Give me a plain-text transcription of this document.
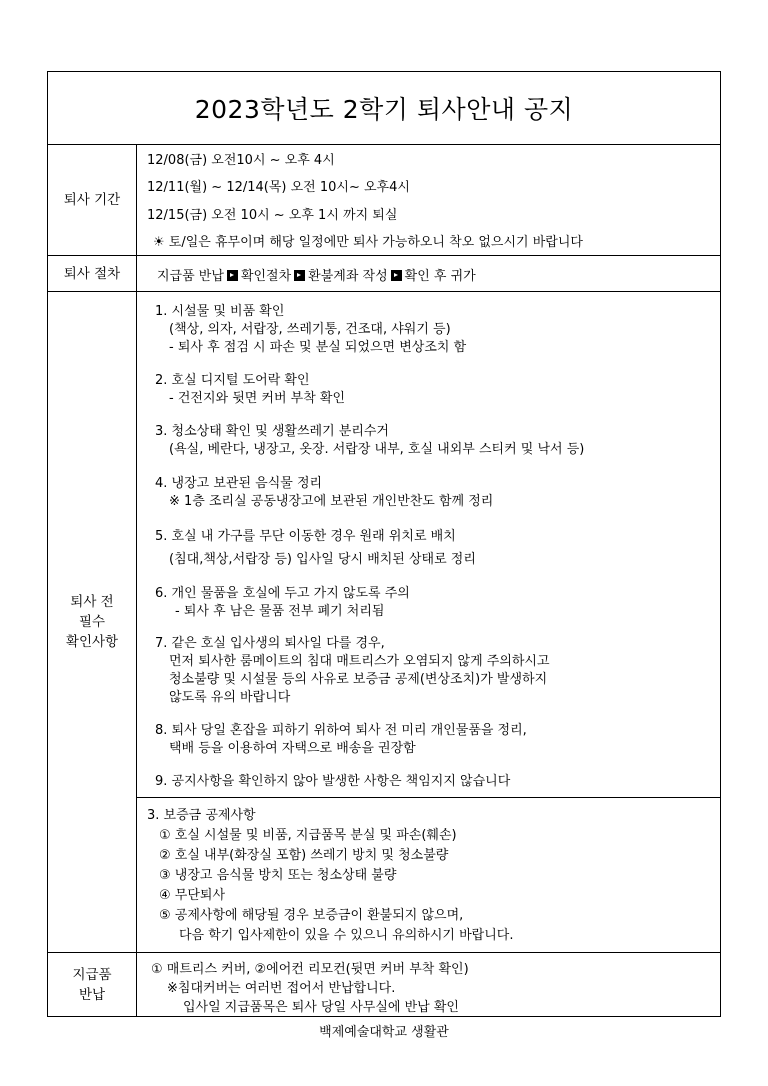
2023학년도 2학기 퇴사안내 공지
퇴사 기간
12/08(금) 오전10시 ~ 오후 4시
12/11(월) ~ 12/14(목) 오전 10시~ 오후4시
12/15(금) 오전 10시 ~ 오후 1시 까지 퇴실
☀ 토/일은 휴무이며 해당 일정에만 퇴사 가능하오니 착오 없으시기 바랍니다
퇴사 절차	지급품 반납 확인절차 환불계좌 작성 확인 후 귀가
퇴사 전
필수
확인사항
1. 시설물 및 비품 확인
(책상, 의자, 서랍장, 쓰레기통, 건조대, 샤워기 등)
- 퇴사 후 점검 시 파손 및 분실 되었으면 변상조치 함
2. 호실 디지털 도어락 확인
- 건전지와 뒷면 커버 부착 확인
3. 청소상태 확인 및 생활쓰레기 분리수거
(욕실, 베란다, 냉장고, 옷장. 서랍장 내부, 호실 내외부 스티커 및 낙서 등)
4. 냉장고 보관된 음식물 정리
※ 1층 조리실 공동냉장고에 보관된 개인반찬도 함께 정리
5. 호실 내 가구를 무단 이동한 경우 원래 위치로 배치
(침대,책상,서랍장 등) 입사일 당시 배치된 상태로 정리
6. 개인 물품을 호실에 두고 가지 않도록 주의
- 퇴사 후 남은 물품 전부 폐기 처리됨
7. 같은 호실 입사생의 퇴사일 다를 경우,
먼저 퇴사한 룸메이트의 침대 매트리스가 오염되지 않게 주의하시고
청소불량 및 시설물 등의 사유로 보증금 공제(변상조치)가 발생하지
않도록 유의 바랍니다
8. 퇴사 당일 혼잡을 피하기 위하여 퇴사 전 미리 개인물품을 정리,
택배 등을 이용하여 자택으로 배송을 권장함
9. 공지사항을 확인하지 않아 발생한 사항은 책임지지 않습니다
3. 보증금 공제사항
① 호실 시설물 및 비품, 지급품목 분실 및 파손(훼손)
② 호실 내부(화장실 포함) 쓰레기 방치 및 청소불량
③ 냉장고 음식물 방치 또는 청소상태 불량
④ 무단퇴사
⑤ 공제사항에 해당될 경우 보증금이 환불되지 않으며,
다음 학기 입사제한이 있을 수 있으니 유의하시기 바랍니다.
지급품
반납
① 매트리스 커버, ②에어컨 리모컨(뒷면 커버 부착 확인)
※침대커버는 여러번 접어서 반납합니다.
입사일 지급품목은 퇴사 당일 사무실에 반납 확인
백제예술대학교 생활관
